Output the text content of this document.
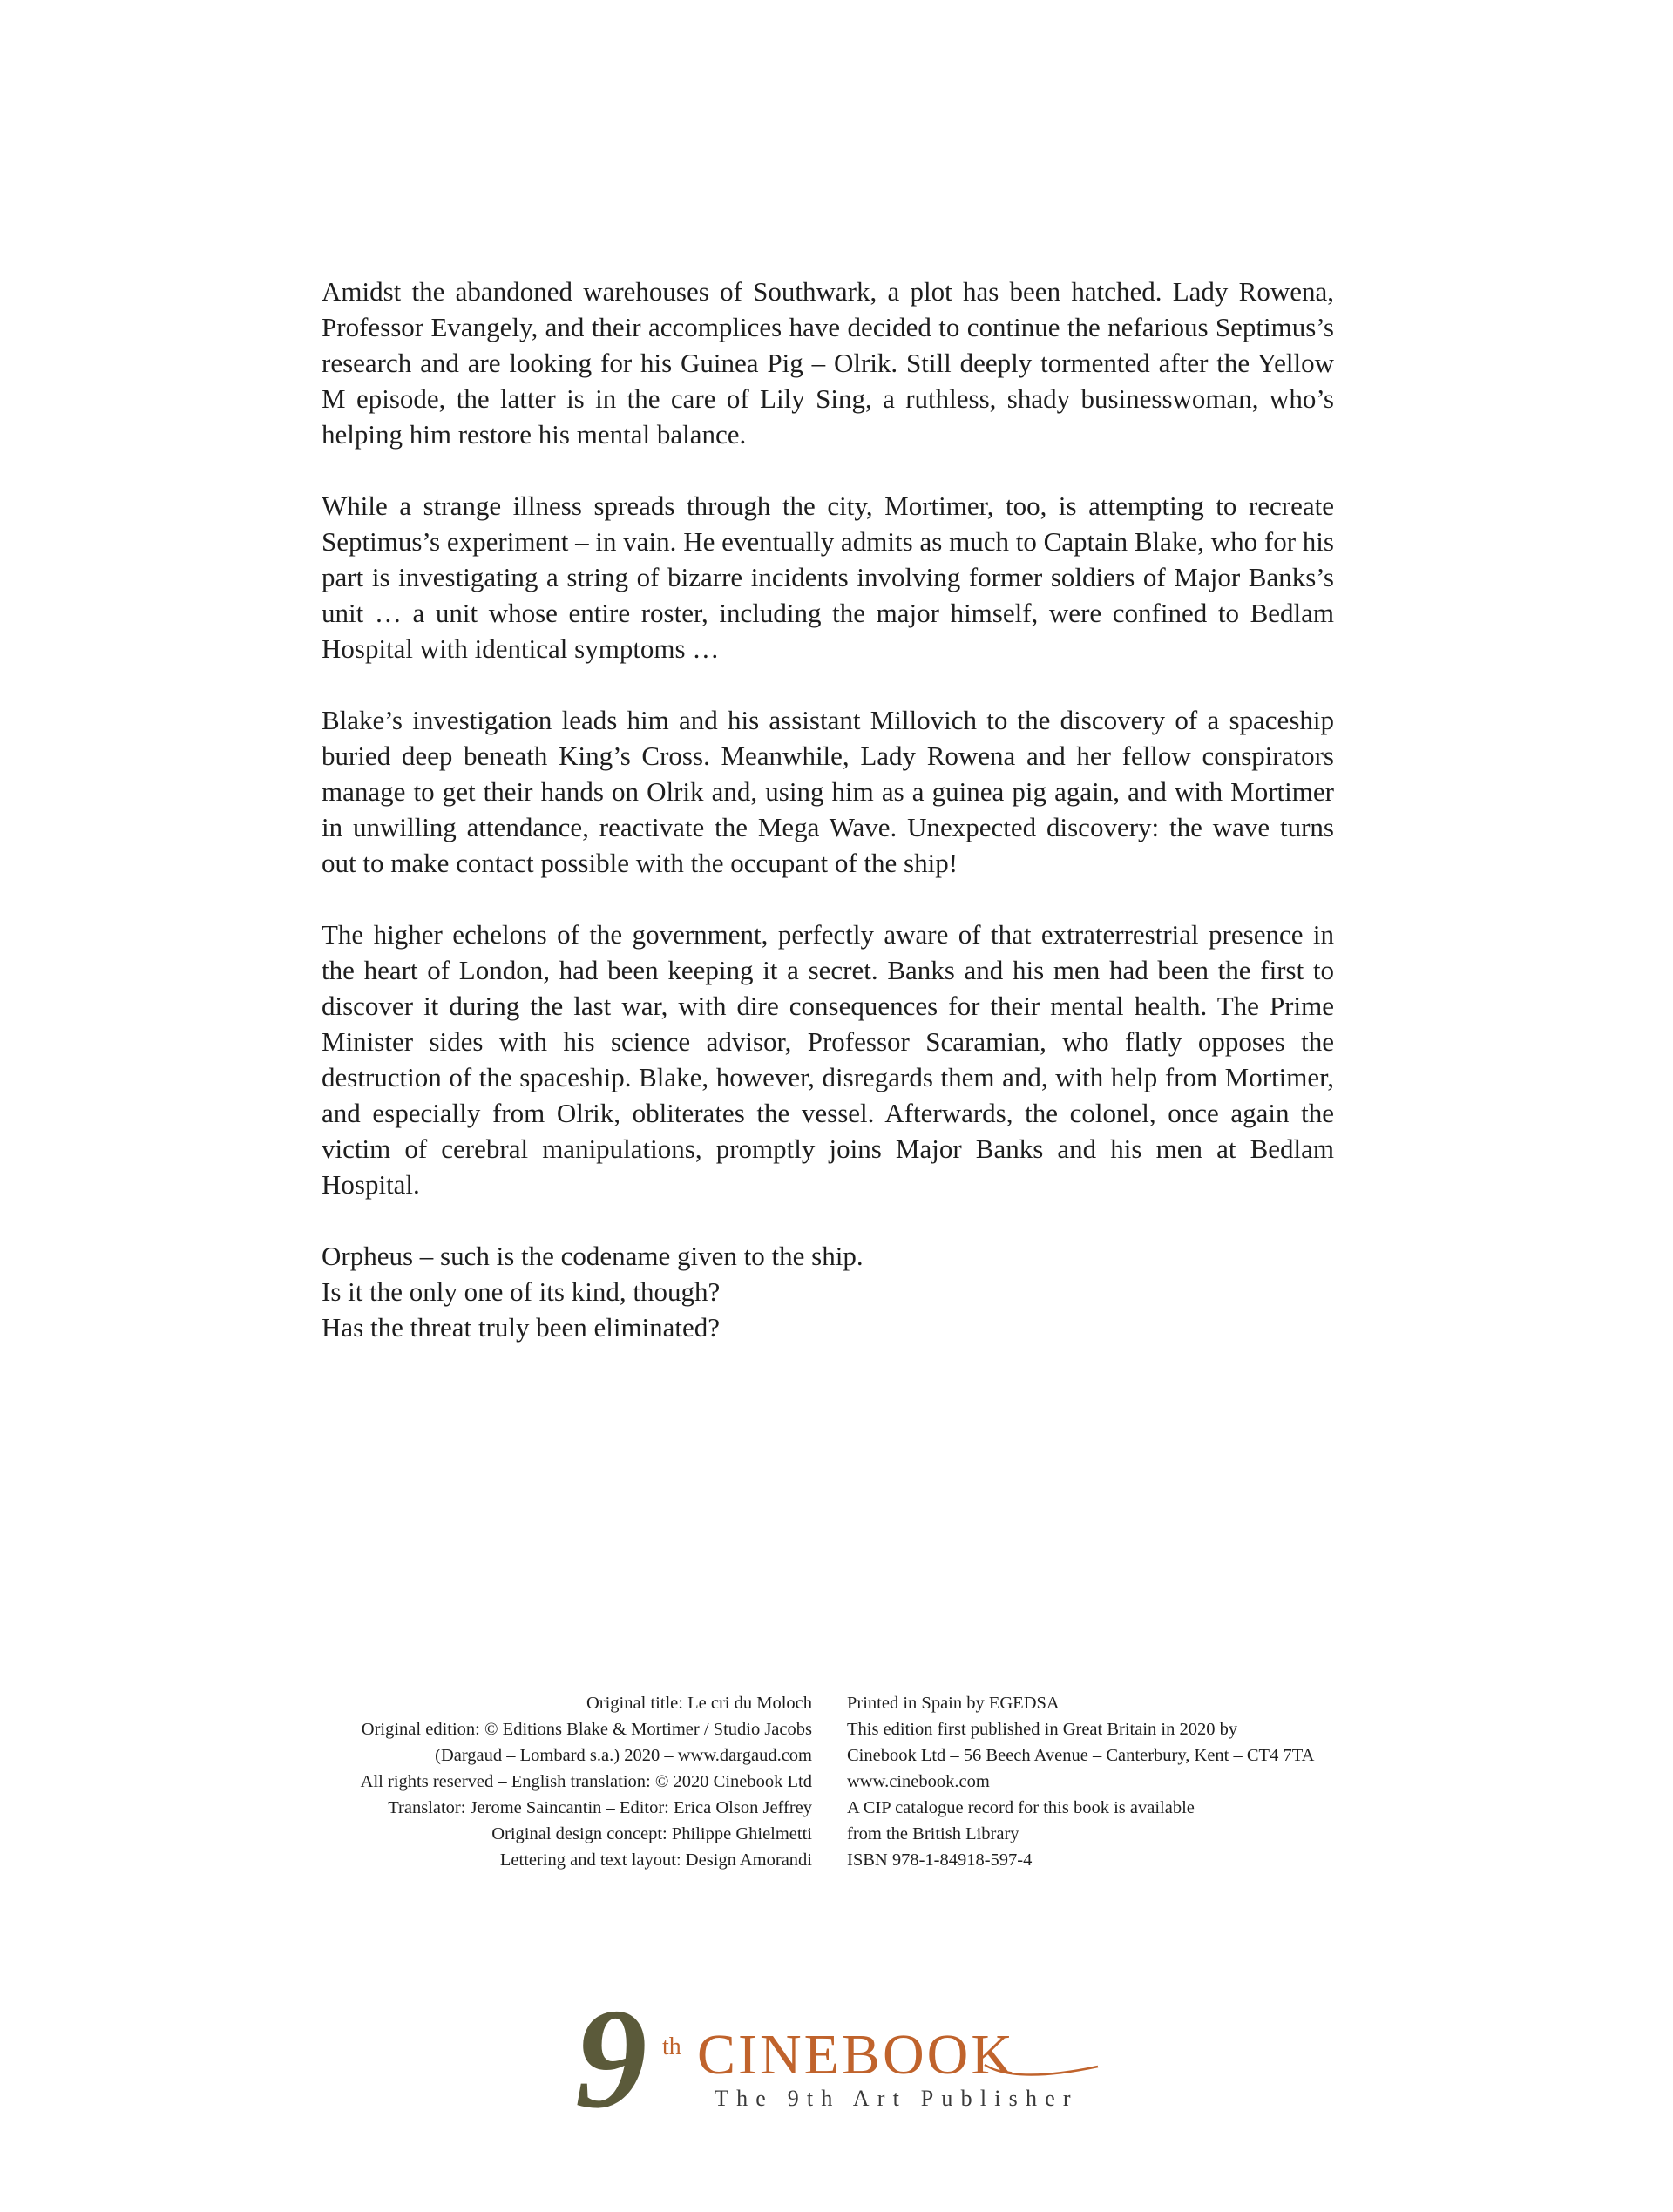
Amidst the abandoned warehouses of Southwark, a plot has been hatched. Lady Rowena, Professor Evangely, and their accomplices have decided to continue the nefarious Septimus’s research and are looking for his Guinea Pig – Olrik. Still deeply tormented after the Yellow M episode, the latter is in the care of Lily Sing, a ruthless, shady businesswoman, who’s helping him restore his mental balance.

While a strange illness spreads through the city, Mortimer, too, is attempting to recreate Septimus’s experiment – in vain. He eventually admits as much to Captain Blake, who for his part is investigating a string of bizarre incidents involving former soldiers of Major Banks’s unit … a unit whose entire roster, including the major himself, were confined to Bedlam Hospital with identical symptoms …

Blake’s investigation leads him and his assistant Millovich to the discovery of a spaceship buried deep beneath King’s Cross. Meanwhile, Lady Rowena and her fellow conspirators manage to get their hands on Olrik and, using him as a guinea pig again, and with Mortimer in unwilling attendance, reactivate the Mega Wave. Unexpected discovery: the wave turns out to make contact possible with the occupant of the ship!

The higher echelons of the government, perfectly aware of that extraterrestrial presence in the heart of London, had been keeping it a secret. Banks and his men had been the first to discover it during the last war, with dire consequences for their mental health. The Prime Minister sides with his science advisor, Professor Scaramian, who flatly opposes the destruction of the spaceship. Blake, however, disregards them and, with help from Mortimer, and especially from Olrik, obliterates the vessel. Afterwards, the colonel, once again the victim of cerebral manipulations, promptly joins Major Banks and his men at Bedlam Hospital.

Orpheus – such is the codename given to the ship.
Is it the only one of its kind, though?
Has the threat truly been eliminated?

Original title: Le cri du Moloch
Original edition: © Editions Blake & Mortimer / Studio Jacobs
(Dargaud – Lombard s.a.) 2020 – www.dargaud.com
All rights reserved – English translation: © 2020 Cinebook Ltd
Translator: Jerome Saincantin – Editor: Erica Olson Jeffrey
Original design concept: Philippe Ghielmetti
Lettering and text layout: Design Amorandi
Printed in Spain by EGEDSA
This edition first published in Great Britain in 2020 by
Cinebook Ltd – 56 Beech Avenue – Canterbury, Kent – CT4 7TA
www.cinebook.com
A CIP catalogue record for this book is available
from the British Library
ISBN 978-1-84918-597-4
9 th CINEBOOK
The 9th Art Publisher
